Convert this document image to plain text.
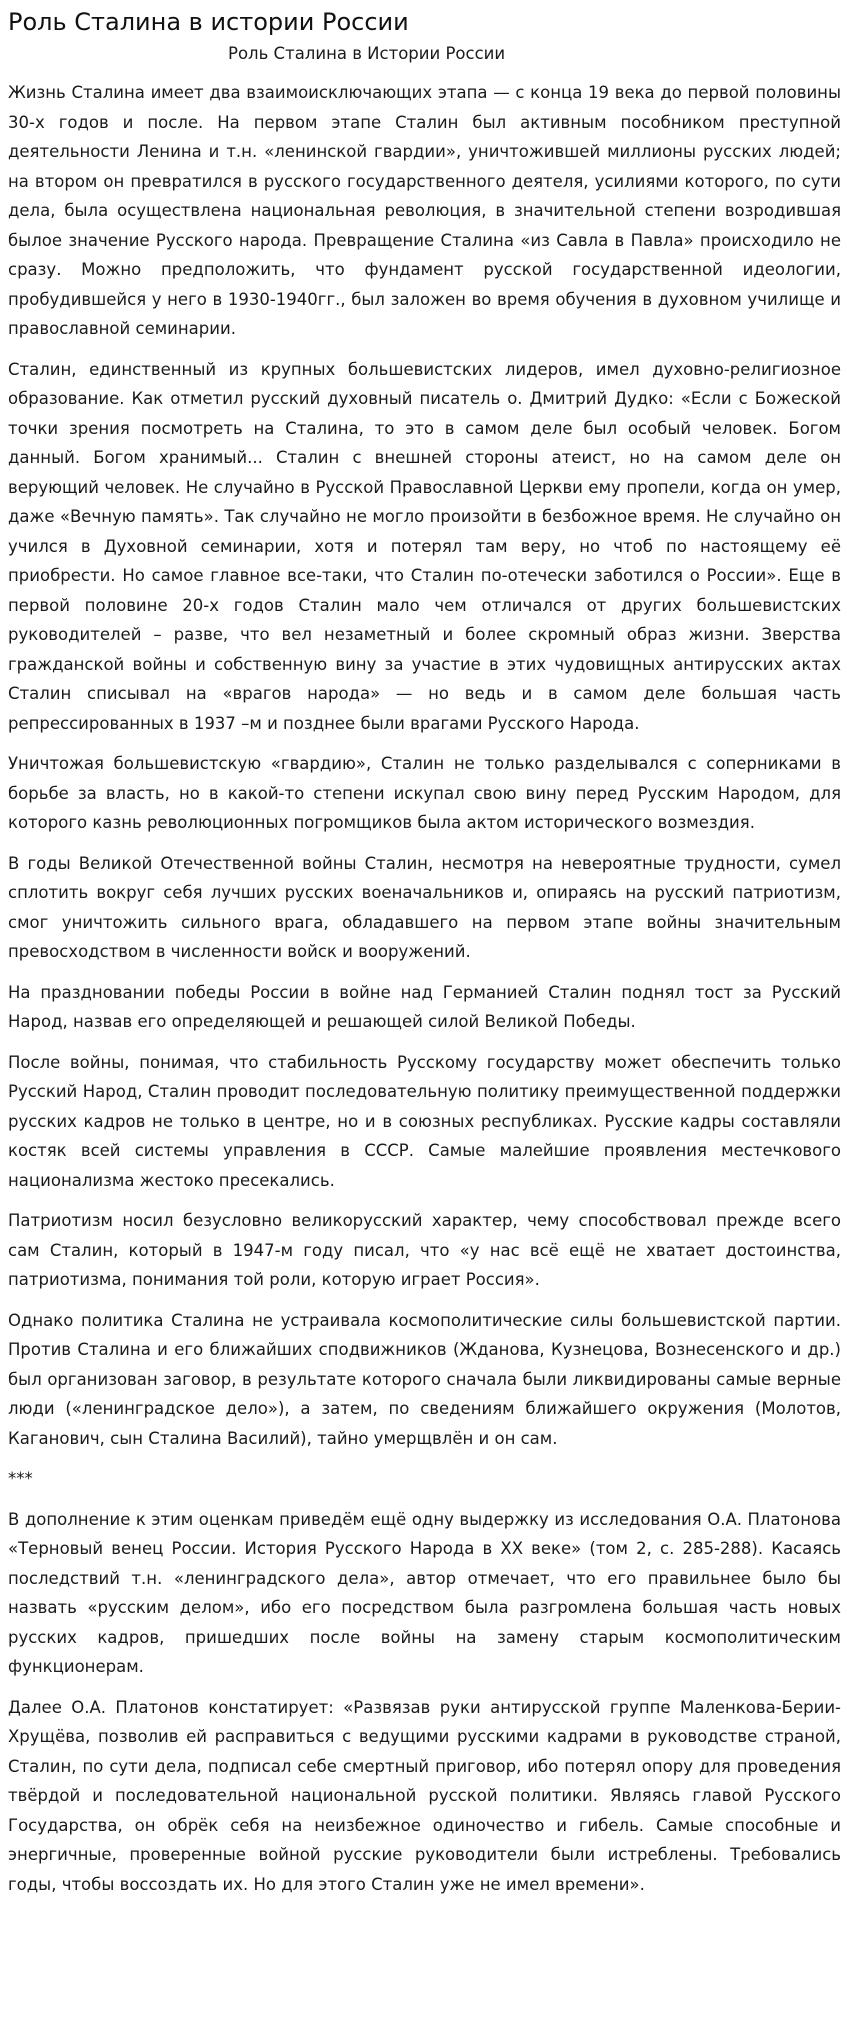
Роль Сталина в истории России
Роль Сталина в Истории России

Жизнь Сталина имеет два взаимоисключающих этапа — с конца 19 века до первой половины 30-х годов и после. На первом этапе Сталин был активным пособником преступной деятельности Ленина и т.н. «ленинской гвардии», уничтожившей миллионы русских людей; на втором он превратился в русского государственного деятеля, усилиями которого, по сути дела, была осуществлена национальная революция, в значительной степени возродившая былое значение Русского народа. Превращение Сталина «из Савла в Павла» происходило не сразу. Можно предположить, что фундамент русской государственной идеологии, пробудившейся у него в 1930-1940гг., был заложен во время обучения в духовном училище и православной семинарии.

Сталин, единственный из крупных большевистских лидеров, имел духовно-религиозное образование. Как отметил русский духовный писатель о. Дмитрий Дудко: «Если с Божеской точки зрения посмотреть на Сталина, то это в самом деле был особый человек. Богом данный. Богом хранимый... Сталин с внешней стороны атеист, но на самом деле он верующий человек. Не случайно в Русской Православной Церкви ему пропели, когда он умер, даже «Вечную память». Так случайно не могло произойти в безбожное время. Не случайно он учился в Духовной семинарии, хотя и потерял там веру, но чтоб по настоящему её приобрести. Но самое главное все-таки, что Сталин по-отечески заботился о России». Еще в первой половине 20-х годов Сталин мало чем отличался от других большевистских руководителей – разве, что вел незаметный и более скромный образ жизни. Зверства гражданской войны и собственную вину за участие в этих чудовищных антирусских актах Сталин списывал на «врагов народа» — но ведь и в самом деле большая часть репрессированных в 1937 –м и позднее были врагами Русского Народа.

Уничтожая большевистскую «гвардию», Сталин не только разделывался с соперниками в борьбе за власть, но в какой-то степени искупал свою вину перед Русским Народом, для которого казнь революционных погромщиков была актом исторического возмездия.

В годы Великой Отечественной войны Сталин, несмотря на невероятные трудности, сумел сплотить вокруг себя лучших русских военачальников и, опираясь на русский патриотизм, смог уничтожить сильного врага, обладавшего на первом этапе войны значительным превосходством в численности войск и вооружений.

На праздновании победы России в войне над Германией Сталин поднял тост за Русский Народ, назвав его определяющей и решающей силой Великой Победы.

После войны, понимая, что стабильность Русскому государству может обеспечить только Русский Народ, Сталин проводит последовательную политику преимущественной поддержки русских кадров не только в центре, но и в союзных республиках. Русские кадры составляли костяк всей системы управления в СССР. Самые малейшие проявления местечкового национализма жестоко пресекались.

Патриотизм носил безусловно великорусский характер, чему способствовал прежде всего сам Сталин, который в 1947-м году писал, что «у нас всё ещё не хватает достоинства, патриотизма, понимания той роли, которую играет Россия».

Однако политика Сталина не устраивала космополитические силы большевистской партии. Против Сталина и его ближайших сподвижников (Жданова, Кузнецова, Вознесенского и др.) был организован заговор, в результате которого сначала были ликвидированы самые верные люди («ленинградское дело»), а затем, по сведениям ближайшего окружения (Молотов, Каганович, сын Сталина Василий), тайно умерщвлён и он сам.

***

В дополнение к этим оценкам приведём ещё одну выдержку из исследования О.А. Платонова «Терновый венец России. История Русского Народа в XX веке» (том 2, с. 285-288). Касаясь последствий т.н. «ленинградского дела», автор отмечает, что его правильнее было бы назвать «русским делом», ибо его посредством была разгромлена большая часть новых русских кадров, пришедших после войны на замену старым космополитическим функционерам.

Далее О.А. Платонов констатирует: «Развязав руки антирусской группе Маленкова-Берии-Хрущёва, позволив ей расправиться с ведущими русскими кадрами в руководстве страной, Сталин, по сути дела, подписал себе смертный приговор, ибо потерял опору для проведения твёрдой и последовательной национальной русской политики. Являясь главой Русского Государства, он обрёк себя на неизбежное одиночество и гибель. Самые способные и энергичные, проверенные войной русские руководители были истреблены. Требовались годы, чтобы воссоздать их. Но для этого Сталин уже не имел времени».
